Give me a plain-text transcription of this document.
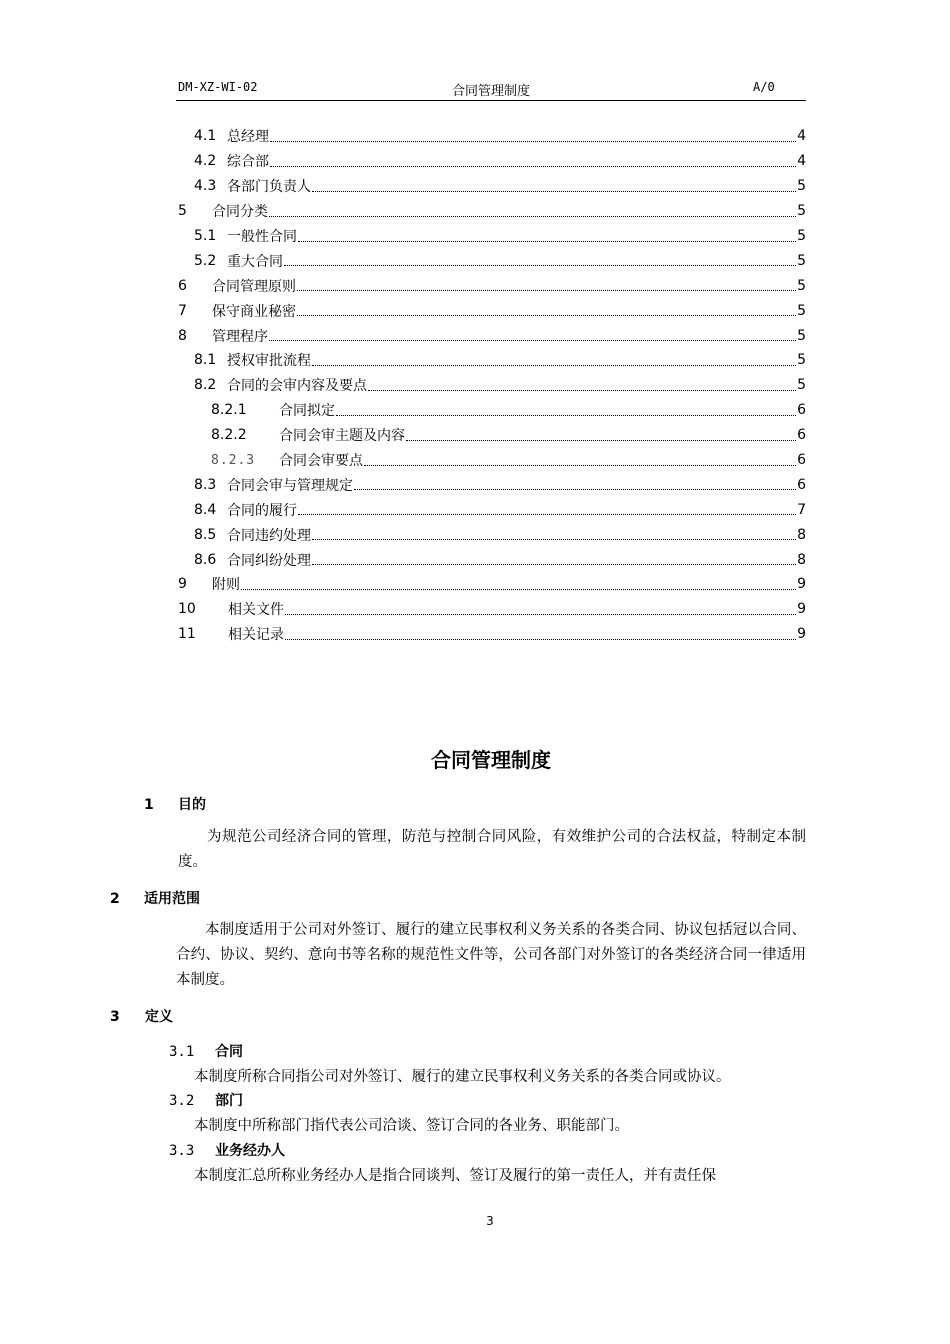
DM-XZ-WI-02	合同管理制度	A/0
4.1 总经理	4
4.2 综合部	4
4.3 各部门负责人	5
5	合同分类	5
5.1 一般性合同	5
5.2 重大合同	5
6	合同管理原则	5
7	保守商业秘密	5
8	管理程序	5
8.1 授权审批流程	5
8.2 合同的会审内容及要点	5
8.2.1	合同拟定	6
8.2.2	合同会审主题及内容	6
8.2.3	合同会审要点	6
8.3 合同会审与管理规定	6
8.4 合同的履行	7
8.5 合同违约处理	8
8.6 合同纠纷处理	8
9	附则	9
10	相关文件	9
11	相关记录	9
合同管理制度
1 目的
为规范公司经济合同的管理，防范与控制合同风险，有效维护公司的合法权益，特制定本制度。
2 适用范围
本制度适用于公司对外签订、履行的建立民事权利义务关系的各类合同、协议包括冠以合同、合约、协议、契约、意向书等名称的规范性文件等，公司各部门对外签订的各类经济合同一律适用本制度。
3 定义
3.1 合同
本制度所称合同指公司对外签订、履行的建立民事权利义务关系的各类合同或协议。
3.2 部门
本制度中所称部门指代表公司洽谈、签订合同的各业务、职能部门。
3.3 业务经办人
本制度汇总所称业务经办人是指合同谈判、签订及履行的第一责任人，并有责任保
3
